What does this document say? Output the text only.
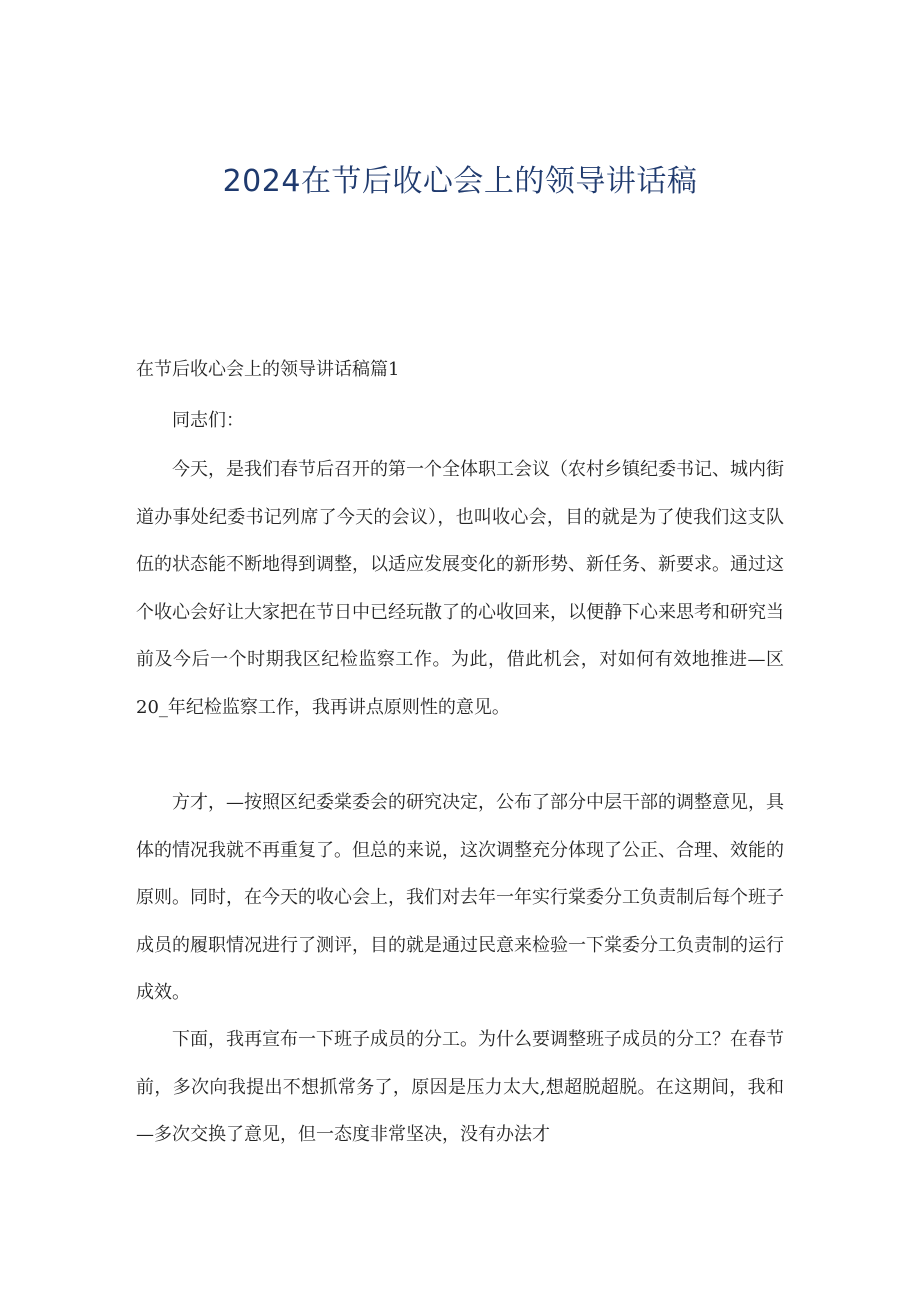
2024在节后收心会上的领导讲话稿
在节后收心会上的领导讲话稿篇1

同志们：

今天，是我们春节后召开的第一个全体职工会议（农村乡镇纪委书记、城内街道办事处纪委书记列席了今天的会议），也叫收心会，目的就是为了使我们这支队伍的状态能不断地得到调整，以适应发展变化的新形势、新任务、新要求。通过这个收心会好让大家把在节日中已经玩散了的心收回来，以便静下心来思考和研究当前及今后一个时期我区纪检监察工作。为此，借此机会，对如何有效地推进—区20_年纪检监察工作，我再讲点原则性的意见。

方才，—按照区纪委棠委会的研究决定，公布了部分中层干部的调整意见，具体的情况我就不再重复了。但总的来说，这次调整充分体现了公正、合理、效能的原则。同时，在今天的收心会上，我们对去年一年实行棠委分工负责制后每个班子成员的履职情况进行了测评，目的就是通过民意来检验一下棠委分工负责制的运行成效。

下面，我再宣布一下班子成员的分工。为什么要调整班子成员的分工？在春节前，多次向我提出不想抓常务了，原因是压力太大,想超脱超脱。在这期间，我和—多次交换了意见，但一态度非常坚决，没有办法才
